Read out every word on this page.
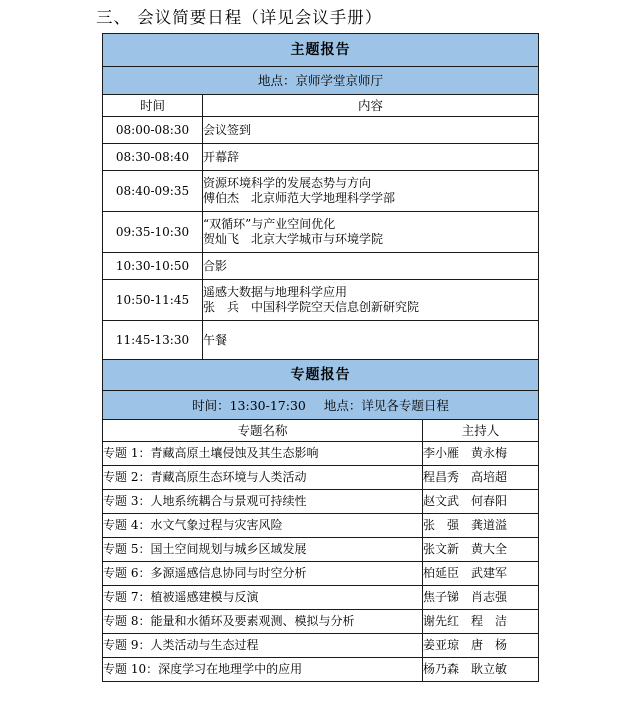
三、 会议简要日程（详见会议手册）
主题报告		
地点：京师学堂京师厅		
时间	内容	
08:00-08:30	会议签到	

08:30-08:40	开幕辞	

08:40-09:35	资源环境科学的发展态势与方向
傅伯杰　北京师范大学地理科学学部	

09:35-10:30	“双循环”与产业空间优化
贺灿飞　北京大学城市与环境学院	

10:30-10:50	合影	

10:50-11:45	遥感大数据与地理科学应用
张　兵　中国科学院空天信息创新研究院	

11:45-13:30	午餐	

专题报告		
时间：13:30-17:30 地点：详见各专题日程		
专题名称		主持人
专题 1：青藏高原土壤侵蚀及其生态影响		李小雁 黄永梅
专题 2：青藏高原生态环境与人类活动		程昌秀 高培超
专题 3：人地系统耦合与景观可持续性		赵文武 何春阳
专题 4：水文气象过程与灾害风险		张　强 龚道溢
专题 5：国土空间规划与城乡区域发展		张文新 黄大全
专题 6：多源遥感信息协同与时空分析		柏延臣 武建军
专题 7：植被遥感建模与反演		焦子锑 肖志强
专题 8：能量和水循环及要素观测、模拟与分析		谢先红 程　洁
专题 9：人类活动与生态过程		姜亚琼 唐　杨
专题 10：深度学习在地理学中的应用		杨乃森 耿立敏
